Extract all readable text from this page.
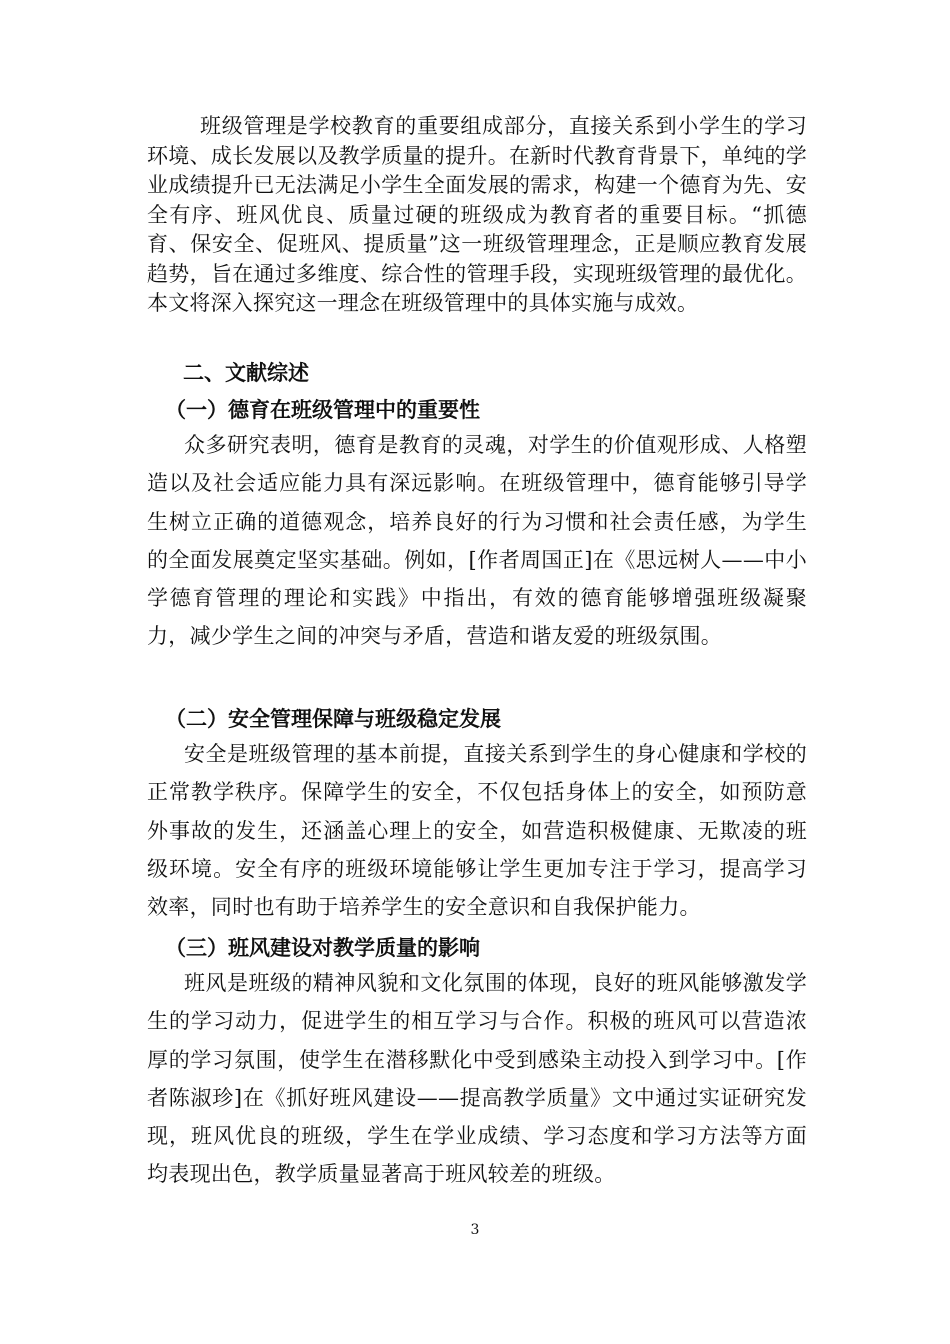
班级管理是学校教育的重要组成部分，直接关系到小学生的学习环境、成长发展以及教学质量的提升。在新时代教育背景下，单纯的学业成绩提升已无法满足小学生全面发展的需求，构建一个德育为先、安全有序、班风优良、质量过硬的班级成为教育者的重要目标。“抓德育、保安全、促班风、提质量”这一班级管理理念，正是顺应教育发展趋势，旨在通过多维度、综合性的管理手段，实现班级管理的最优化。本文将深入探究这一理念在班级管理中的具体实施与成效。

二、文献综述
（一）德育在班级管理中的重要性

众多研究表明，德育是教育的灵魂，对学生的价值观形成、人格塑造以及社会适应能力具有深远影响。在班级管理中，德育能够引导学生树立正确的道德观念，培养良好的行为习惯和社会责任感，为学生的全面发展奠定坚实基础。例如，[作者周国正]在《思远树人——中小学德育管理的理论和实践》中指出，有效的德育能够增强班级凝聚力，减少学生之间的冲突与矛盾，营造和谐友爱的班级氛围。

（二）安全管理保障与班级稳定发展

安全是班级管理的基本前提，直接关系到学生的身心健康和学校的正常教学秩序。保障学生的安全，不仅包括身体上的安全，如预防意外事故的发生，还涵盖心理上的安全，如营造积极健康、无欺凌的班级环境。安全有序的班级环境能够让学生更加专注于学习，提高学习效率，同时也有助于培养学生的安全意识和自我保护能力。

（三）班风建设对教学质量的影响

班风是班级的精神风貌和文化氛围的体现，良好的班风能够激发学生的学习动力，促进学生的相互学习与合作。积极的班风可以营造浓厚的学习氛围，使学生在潜移默化中受到感染主动投入到学习中。[作者陈淑珍]在《抓好班风建设——提高教学质量》文中通过实证研究发现，班风优良的班级，学生在学业成绩、学习态度和学习方法等方面均表现出色，教学质量显著高于班风较差的班级。

3
